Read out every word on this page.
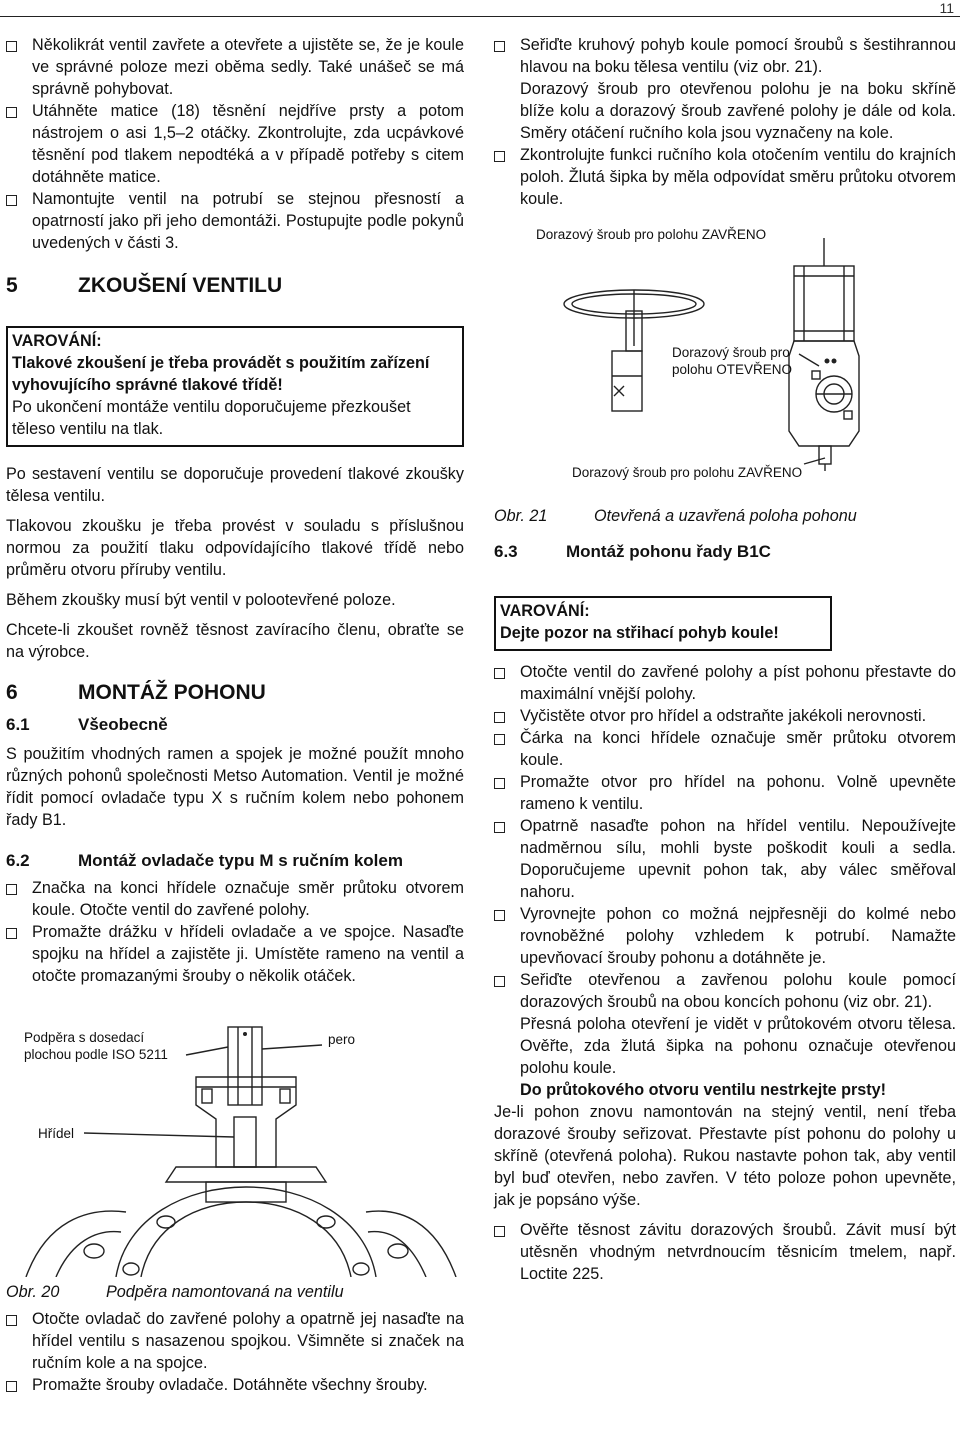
11

Několikrát ventil zavřete a otevřete a ujistěte se, že je koule ve správné poloze mezi oběma sedly. Také unášeč se má správně pohybovat.

Utáhněte matice (18) těsnění nejdříve prsty a potom nástrojem o asi 1,5–2 otáčky. Zkontrolujte, zda ucpávkové těsnění pod tlakem nepodtéká a v případě potřeby s citem dotáhněte matice.

Namontujte ventil na potrubí se stejnou přesností a opatrností jako při jeho demontáži. Postupujte podle pokynů uvedených v části 3.

5	ZKOUŠENÍ VENTILU

VAROVÁNÍ:

Tlakové zkoušení je třeba provádět s použitím zařízení vyhovujícího správné tlakové třídě!

Po ukončení montáže ventilu doporučujeme přezkoušet těleso ventilu na tlak.

Po sestavení ventilu se doporučuje provedení tlakové zkoušky tělesa ventilu.

Tlakovou zkoušku je třeba provést v souladu s příslušnou normou za použití tlaku odpovídajícího tlakové třídě nebo průměru otvoru příruby ventilu.

Během zkoušky musí být ventil v polootevřené poloze.

Chcete-li zkoušet rovněž těsnost zavíracího členu, obraťte se na výrobce.

6	MONTÁŽ POHONU
6.1	Všeobecně

S použitím vhodných ramen a spojek je možné použít mnoho různých pohonů společnosti Metso Automation. Ventil je možné řídit pomocí ovladače typu X s ručním kolem nebo pohonem řady B1.

6.2	Montáž ovladače typu M s ručním kolem

Značka na konci hřídele označuje směr průtoku otvorem koule. Otočte ventil do zavřené polohy.

Promažte drážku v hřídeli ovladače a ve spojce. Nasaďte spojku na hřídel a zajistěte ji. Umístěte rameno na ventil a otočte promazanými šrouby o několik otáček.

Podpěra s dosedací plochou podle ISO 5211
pero
Hřídel
Obr. 20	Podpěra namontovaná na ventilu

Otočte ovladač do zavřené polohy a opatrně jej nasaďte na hřídel ventilu s nasazenou spojkou. Všimněte si značek na ručním kole a na spojce.

Promažte šrouby ovladače. Dotáhněte všechny šrouby.

Seřiďte kruhový pohyb koule pomocí šroubů s šestihrannou hlavou na boku tělesa ventilu (viz obr. 21).

Dorazový šroub pro otevřenou polohu je na boku skříně blíže kolu a dorazový šroub zavřené polohy je dále od kola. Směry otáčení ručního kola jsou vyznačeny na kole.

Zkontrolujte funkci ručního kola otočením ventilu do krajních poloh. Žlutá šipka by měla odpovídat směru průtoku otvorem koule.

Dorazový šroub pro polohu ZAVŘENO
Dorazový šroub pro polohu OTEVŘENO
Dorazový šroub pro polohu ZAVŘENO
Obr. 21	Otevřená a uzavřená poloha pohonu
6.3	Montáž pohonu řady B1C

VAROVÁNÍ:

Dejte pozor na střihací pohyb koule!

Otočte ventil do zavřené polohy a píst pohonu přestavte do maximální vnější polohy.

Vyčistěte otvor pro hřídel a odstraňte jakékoli nerovnosti.

Čárka na konci hřídele označuje směr průtoku otvorem koule.

Promažte otvor pro hřídel na pohonu. Volně upevněte rameno k ventilu.

Opatrně nasaďte pohon na hřídel ventilu. Nepoužívejte nadměrnou sílu, mohli byste poškodit kouli a sedla. Doporučujeme upevnit pohon tak, aby válec směřoval nahoru.

Vyrovnejte pohon co možná nejpřesněji do kolmé nebo rovnoběžné polohy vzhledem k potrubí. Namažte upevňovací šrouby pohonu a dotáhněte je.

Seřiďte otevřenou a zavřenou polohu koule pomocí dorazových šroubů na obou koncích pohonu (viz obr. 21).

Přesná poloha otevření je vidět v průtokovém otvoru tělesa. Ověřte, zda žlutá šipka na pohonu označuje otevřenou polohu koule.

Do průtokového otvoru ventilu nestrkejte prsty!

Je-li pohon znovu namontován na stejný ventil, není třeba dorazové šrouby seřizovat. Přestavte píst pohonu do polohy u skříně (otevřená poloha). Rukou nastavte pohon tak, aby ventil byl buď otevřen, nebo zavřen. V této poloze pohon upevněte, jak je popsáno výše.

Ověřte těsnost závitu dorazových šroubů. Závit musí být utěsněn vhodným netvrdnoucím těsnicím tmelem, např. Loctite 225.
